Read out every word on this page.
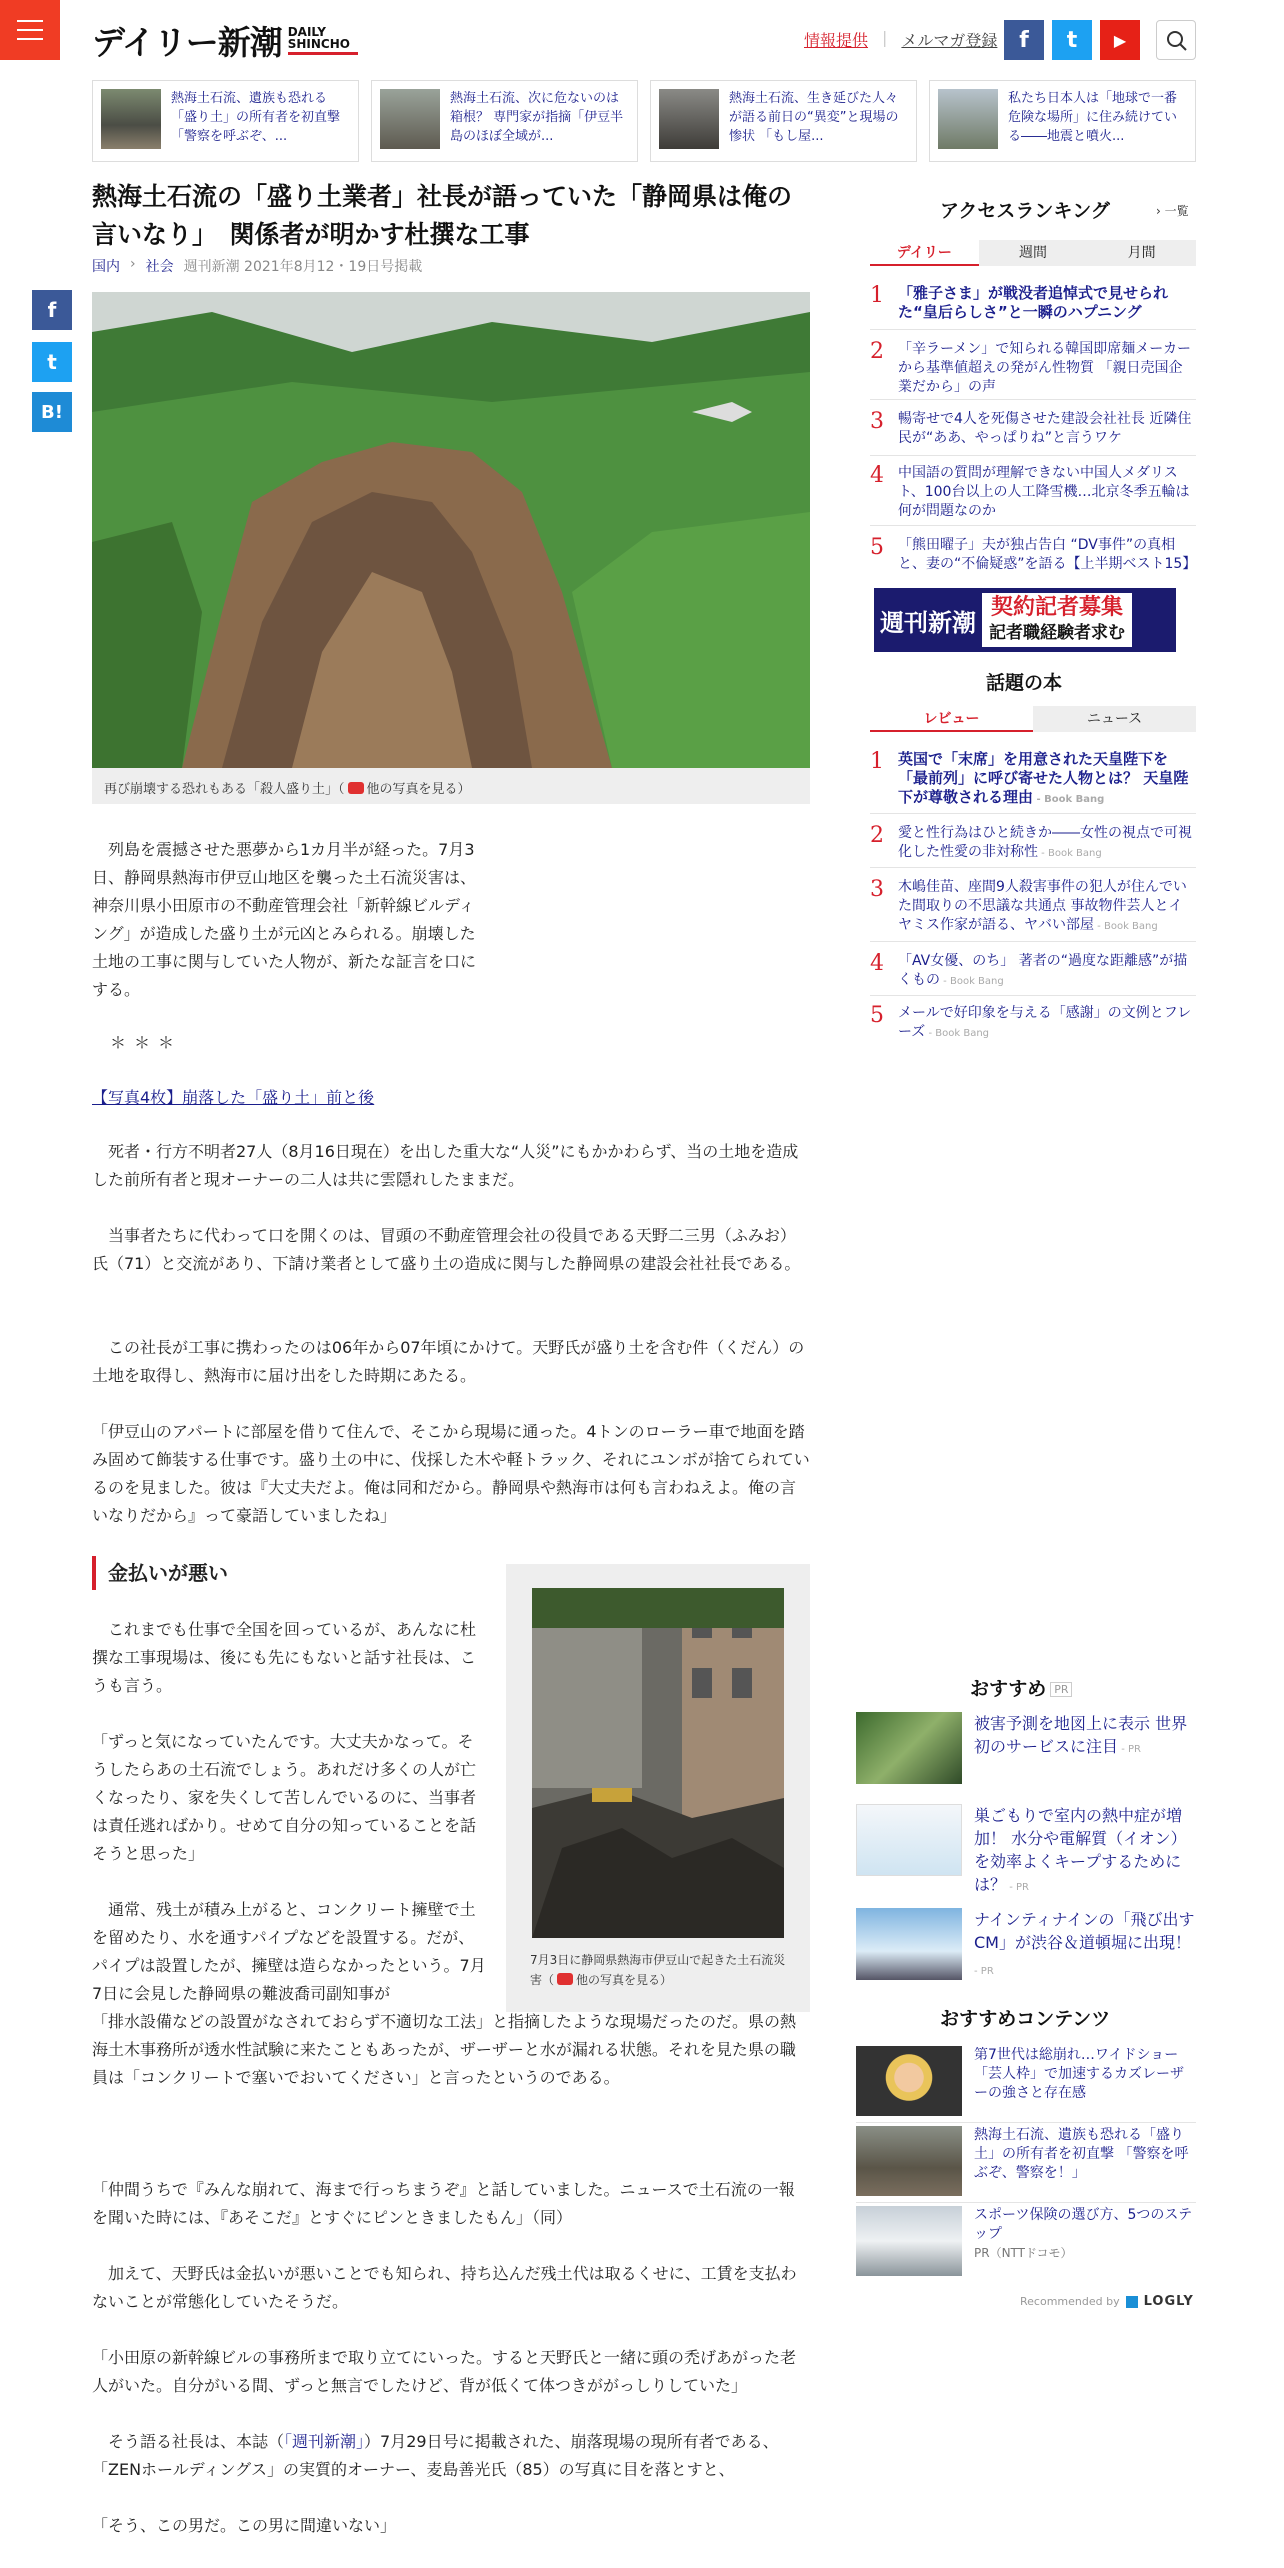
デイリー新潮 DAILY
SHINCHO	情報提供 | メルマガ登録 f	t	▶
熱海土石流、遺族も恐れる「盛り土」の所有者を初直撃 「警察を呼ぶぞ、...
熱海土石流、次に危ないのは箱根？ 専門家が指摘「伊豆半島のほぼ全域が...
熱海土石流、生き延びた人々が語る前日の“異変”と現場の惨状 「もし屋...
私たち日本人は「地球で一番危険な場所」に住み続けている――地震と噴火...
熱海土石流の「盛り土業者」社長が語っていた「静岡県は俺の言いなり」　関係者が明かす杜撰な工事
国内 › 社会 週刊新潮 2021年8月12・19日号掲載
f
t
B!
再び崩壊する恐れもある「殺人盛り土」（ 他の写真を見る）

　列島を震撼させた悪夢から1カ月半が経った。7月3日、静岡県熱海市伊豆山地区を襲った土石流災害は、神奈川県小田原市の不動産管理会社「新幹線ビルディング」が造成した盛り土が元凶とみられる。崩壊した土地の工事に関与していた人物が、新たな証言を口にする。

＊＊＊
【写真4枚】崩落した「盛り土」前と後

　死者・行方不明者27人（8月16日現在）を出した重大な“人災”にもかかわらず、当の土地を造成した前所有者と現オーナーの二人は共に雲隠れしたままだ。

　当事者たちに代わって口を開くのは、冒頭の不動産管理会社の役員である天野二三男（ふみお）氏（71）と交流があり、下請け業者として盛り土の造成に関与した静岡県の建設会社社長である。

　この社長が工事に携わったのは06年から07年頃にかけて。天野氏が盛り土を含む件（くだん）の土地を取得し、熱海市に届け出をした時期にあたる。

「伊豆山のアパートに部屋を借りて住んで、そこから現場に通った。4トンのローラー車で地面を踏み固めて飾装する仕事です。盛り土の中に、伐採した木や軽トラック、それにユンボが捨てられているのを見ました。彼は『大丈夫だよ。俺は同和だから。静岡県や熱海市は何も言わねえよ。俺の言いなりだから』って豪語していましたね」

金払いが悪い
7月3日に静岡県熱海市伊豆山で起きた土石流災害（ 他の写真を見る）

　これまでも仕事で全国を回っているが、あんなに杜撰な工事現場は、後にも先にもないと話す社長は、こうも言う。

「ずっと気になっていたんです。大丈夫かなって。そうしたらあの土石流でしょう。あれだけ多くの人が亡くなったり、家を失くして苦しんでいるのに、当事者は責任逃ればかり。せめて自分の知っていることを話そうと思った」

　通常、残土が積み上がると、コンクリート擁壁で土を留めたり、水を通すパイプなどを設置する。だが、パイプは設置したが、擁壁は造らなかったという。7月7日に会見した静岡県の難波喬司副知事が

「排水設備などの設置がなされておらず不適切な工法」と指摘したような現場だったのだ。県の熱海土木事務所が透水性試験に来たこともあったが、ザーザーと水が漏れる状態。それを見た県の職員は「コンクリートで塞いでおいてください」と言ったというのである。

「仲間うちで『みんな崩れて、海まで行っちまうぞ』と話していました。ニュースで土石流の一報を聞いた時には、『あそこだ』とすぐにピンときましたもん」（同）

　加えて、天野氏は金払いが悪いことでも知られ、持ち込んだ残土代は取るくせに、工賃を支払わないことが常態化していたそうだ。

「小田原の新幹線ビルの事務所まで取り立てにいった。すると天野氏と一緒に頭の禿げあがった老人がいた。自分がいる間、ずっと無言でしたけど、背が低くて体つきががっしりしていた」

　そう語る社長は、本誌（「週刊新潮」）7月29日号に掲載された、崩落現場の現所有者である、「ZENホールディングス」の実質的オーナー、麦島善光氏（85）の写真に目を落とすと、

「そう、この男だ。この男に間違いない」

アクセスランキング	› 一覧
デイリー	週間	月間
1 「雅子さま」が戦没者追悼式で見せられた“皇后らしさ”と一瞬のハプニング
2 「辛ラーメン」で知られる韓国即席麺メーカーから基準値超えの発がん性物質 「親日売国企業だから」の声
3 暢寄せで4人を死傷させた建設会社社長 近隣住民が“ああ、やっぱりね”と言うワケ
4 中国語の質問が理解できない中国人メダリスト、100台以上の人工降雪機…北京冬季五輪は何が問題なのか
5 「熊田曜子」夫が独占告白 “DV事件”の真相と、妻の“不倫疑惑”を語る【上半期ベスト15】
週刊新潮
契約記者募集
記者職経験者求む
話題の本
レビュー	ニュース
1 英国で「末席」を用意された天皇陛下を「最前列」に呼び寄せた人物とは？ 天皇陛下が尊敬される理由 - Book Bang
2 愛と性行為はひと続きか――女性の視点で可視化した性愛の非対称性 - Book Bang
3 木嶋佳苗、座間9人殺害事件の犯人が住んでいた間取りの不思議な共通点 事故物件芸人とイヤミス作家が語る、ヤバい部屋 - Book Bang
4 「AV女優、のち」 著者の“過度な距離感”が描くもの - Book Bang
5 メールで好印象を与える「感謝」の文例とフレーズ - Book Bang
おすすめ PR
被害予測を地図上に表示 世界初のサービスに注目 - PR
巣ごもりで室内の熱中症が増加！ 水分や電解質（イオン）を効率よくキープするためには？ - PR
ナインティナインの「飛び出すCM」が渋谷＆道頓堀に出現！ - PR
おすすめコンテンツ
第7世代は総崩れ…ワイドショー「芸人枠」で加速するカズレーザーの強さと存在感
熱海土石流、遺族も恐れる「盛り土」の所有者を初直撃 「警察を呼ぶぞ、警察を！」
スポーツ保険の選び方、5つのステップ
PR（NTTドコモ）
Recommended by LOGLY
